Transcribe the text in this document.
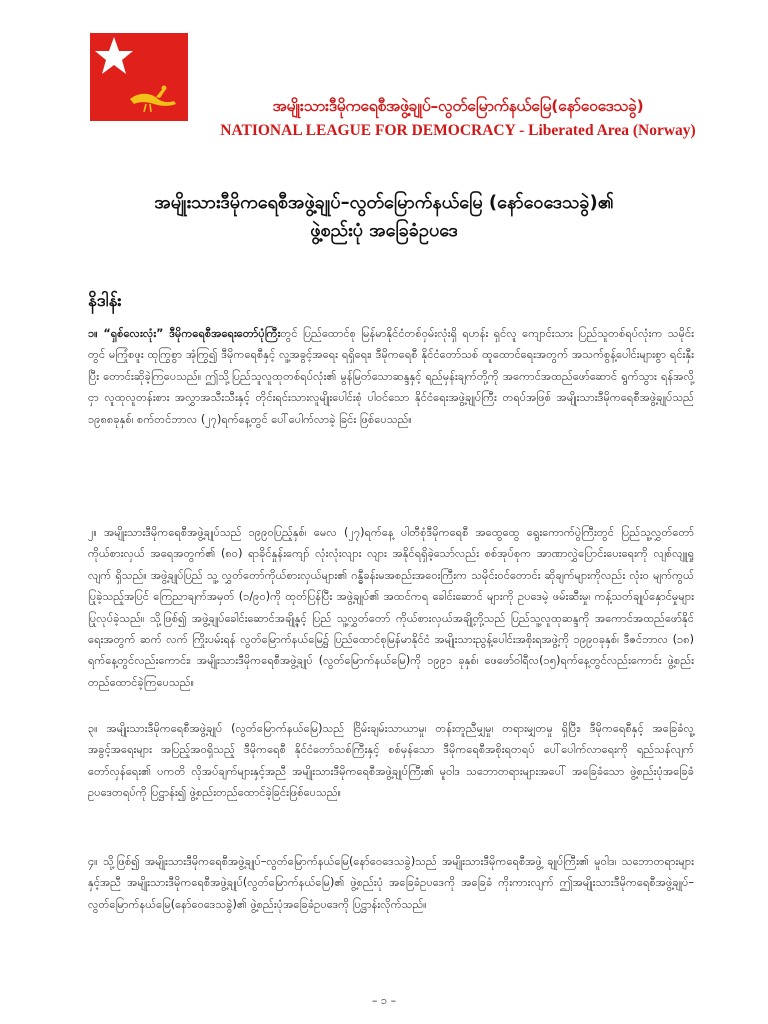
အမျိုးသားဒီမိုကရေစီအဖွဲ့ချုပ်–လွတ်မြောက်နယ်မြေ(နော်ဝေဒေသခွဲ)
NATIONAL LEAGUE FOR DEMOCRACY - Liberated Area (Norway)
အမျိုးသားဒီမိုကရေစီအဖွဲ့ချုပ်–လွတ်မြောက်နယ်မြေ (နော်ဝေဒေသခွဲ)၏
ဖွဲ့စည်းပုံ အခြေခံဥပဒေ
နိဒါန်း
၁။ “ရှစ်လေးလုံး” ဒီမိုကရေစီအရေးတော်ပုံကြီးတွင် ပြည်ထောင်စု မြန်မာနိုင်ငံတစ်ဝှမ်းလုံးရှိ ရဟန်း ရှင်လူ ကျောင်းသား ပြည်သူတစ်ရပ်လုံးက သမိုင်းတွင် မကြုံစဖူး ထုကြွစွာ အုံကြွ၍ ဒီမိုကရေစီနှင့် လူ့အခွင့်အရေး ရရှိရေး၊ ဒီမိုကရေစီ နိုင်ငံတော်သစ် ထူထောင်ရေးအတွက် အသက်စွန့်ပေါင်းများစွာ ရင်းနှီးပြီး တောင်းဆိုခဲ့ကြပေသည်။ ဤသို့ပြည်သူလူထုတစ်ရပ်လုံး၏ မွန်မြတ်သောဆန္ဒနှင့် ရည်မှန်းချက်တို့ကို အကောင်အထည်ဖော်ဆောင် ရွက်သွား ရန်အလို့ငှာ လူထုလူတန်းစား အလွှာအသီးသီးနှင့် တိုင်းရင်းသားလူမျိုးပေါင်းစုံ ပါဝင်သော နိုင်ငံရေးအဖွဲ့ချုပ်ကြီး တရပ်အဖြစ် အမျိုးသားဒီမိုကရေစီအဖွဲ့ချုပ်သည် ၁၉၈၈ခုနှစ်၊ စက်တင်ဘာလ (၂၇)ရက်နေ့တွင် ပေါ်ပေါက်လာခဲ့ ခြင်း ဖြစ်ပေသည်။
၂။ အမျိုးသားဒီမိုကရေစီအဖွဲ့ချုပ်သည် ၁၉၉၀ပြည့်နှစ်၊ မေလ (၂၇)ရက်နေ့ ပါတီစုံဒီမိုကရေစီ အထွေထွေ ရွေးကောက်ပွဲကြီးတွင် ပြည်သူ့လွှတ်တော်ကိုယ်စားလှယ် အရေအတွက်၏ (၈၀) ရာခိုင်နှုန်းကျော် လုံးလုံးလျား လျား အနိုင်ရရှိခဲ့သော်လည်း စစ်အုပ်စုက အာဏာလွှဲပြောင်းပေးရေးကို လျစ်လျူရှုလျက် ရှိသည်။ အဖွဲ့ချုပ်ပြည် သူ့ လွှတ်တော်ကိုယ်စားလှယ်များ၏ ဂန္ဓီခန်းမအစည်းအဝေးကြီးက သမိုင်းဝင်တောင်း ဆိုချက်များကိုလည်း လုံးဝ မျက်ကွယ်ပြုခဲ့သည့်အပြင် ကြေညာချက်အမှတ် (၁/၉၀)ကို ထုတ်ပြန်ပြီး အဖွဲ့ချုပ်၏ အထင်ကရ ခေါင်းဆောင် များကို ဥပဒေမဲ့ ဖမ်းဆီးမှု၊ ကန့်သတ်ချုပ်နှောင်မှုများ ပြုလုပ်ခဲ့သည်။ သို့ဖြစ်၍ အဖွဲ့ချုပ်ခေါင်းဆောင်အချို့နှင့် ပြည် သူ့လွှတ်တော် ကိုယ်စားလှယ်အချို့တို့သည် ပြည်သူ့လူထုဆန္ဒကို အကောင်အထည်ဖော်နိုင်ရေးအတွက် ဆက် လက် ကြိုးပမ်းရန် လွတ်မြောက်နယ်မြေ၌ ပြည်ထောင်စုမြန်မာနိုင်ငံ အမျိုးသားညွန့်ပေါင်းအစိုးရအဖွဲ့ကို ၁၉၉၀ခုနှစ်၊ ဒီဇင်ဘာလ (၁၈) ရက်နေ့တွင်လည်းကောင်း၊ အမျိုးသားဒီမိုကရေစီအဖွဲ့ချုပ် (လွတ်မြောက်နယ်မြေ)ကို ၁၉၉၁ ခုနှစ်၊ ဖေဖော်ဝါရီလ(၁၅)ရက်နေ့တွင်လည်းကောင်း ဖွဲ့စည်းတည်ထောင်ခဲ့ကြပေသည်။
၃။ အမျိုးသားဒီမိုကရေစီအဖွဲ့ချုပ် (လွတ်မြောက်နယ်မြေ)သည် ငြိမ်းချမ်းသာယာမှု၊ တန်းတူညီမျှမှု၊ တရားမျှတမှု ရှိပြီး၊ ဒီမိုကရေစီနှင့် အခြေခံလူ့အခွင့်အရေးများ အပြည့်အဝရှိသည့် ဒီမိုကရေစီ နိုင်ငံတော်သစ်ကြီးနှင့် စစ်မှန်သော ဒီမိုကရေစီအစိုးရတရပ် ပေါ်ပေါက်လာရေးကို ရည်သန်လျက် တော်လှန်ရေး၏ ပကတိ လိုအပ်ချက်များနှင့်အညီ အမျိုးသားဒီမိုကရေစီအဖွဲ့ချုပ်ကြီး၏ မူဝါဒ သဘောတရားများအပေါ် အခြေခံသော ဖွဲ့စည်းပုံအခြေခံဥပဒေတရပ်ကို ပြဋ္ဌာန်း၍ ဖွဲ့စည်းတည်ထောင်ခဲ့ခြင်းဖြစ်ပေသည်။
၄။ သို့ဖြစ်၍ အမျိုးသားဒီမိုကရေစီအဖွဲ့ချုပ်–လွတ်မြောက်နယ်မြေ(နော်ဝေဒေသခွဲ)သည် အမျိုးသားဒီမိုကရေစီအဖွဲ့ ချုပ်ကြီး၏ မူဝါဒ၊ သဘောတရားများနှင့်အညီ အမျိုးသားဒီမိုကရေစီအဖွဲ့ချုပ်(လွတ်မြောက်နယ်မြေ)၏ ဖွဲ့စည်းပုံ အခြေခံဥပဒေကို အခြေခံ ကိုးကားလျက် ဤအမျိုးသားဒီမိုကရေစီအဖွဲ့ချုပ်–လွတ်မြောက်နယ်မြေ(နော်ဝေဒေသခွဲ)၏ ဖွဲ့စည်းပုံအခြေခံဥပဒေကို ပြဋ္ဌာန်းလိုက်သည်။
– ၁ –
